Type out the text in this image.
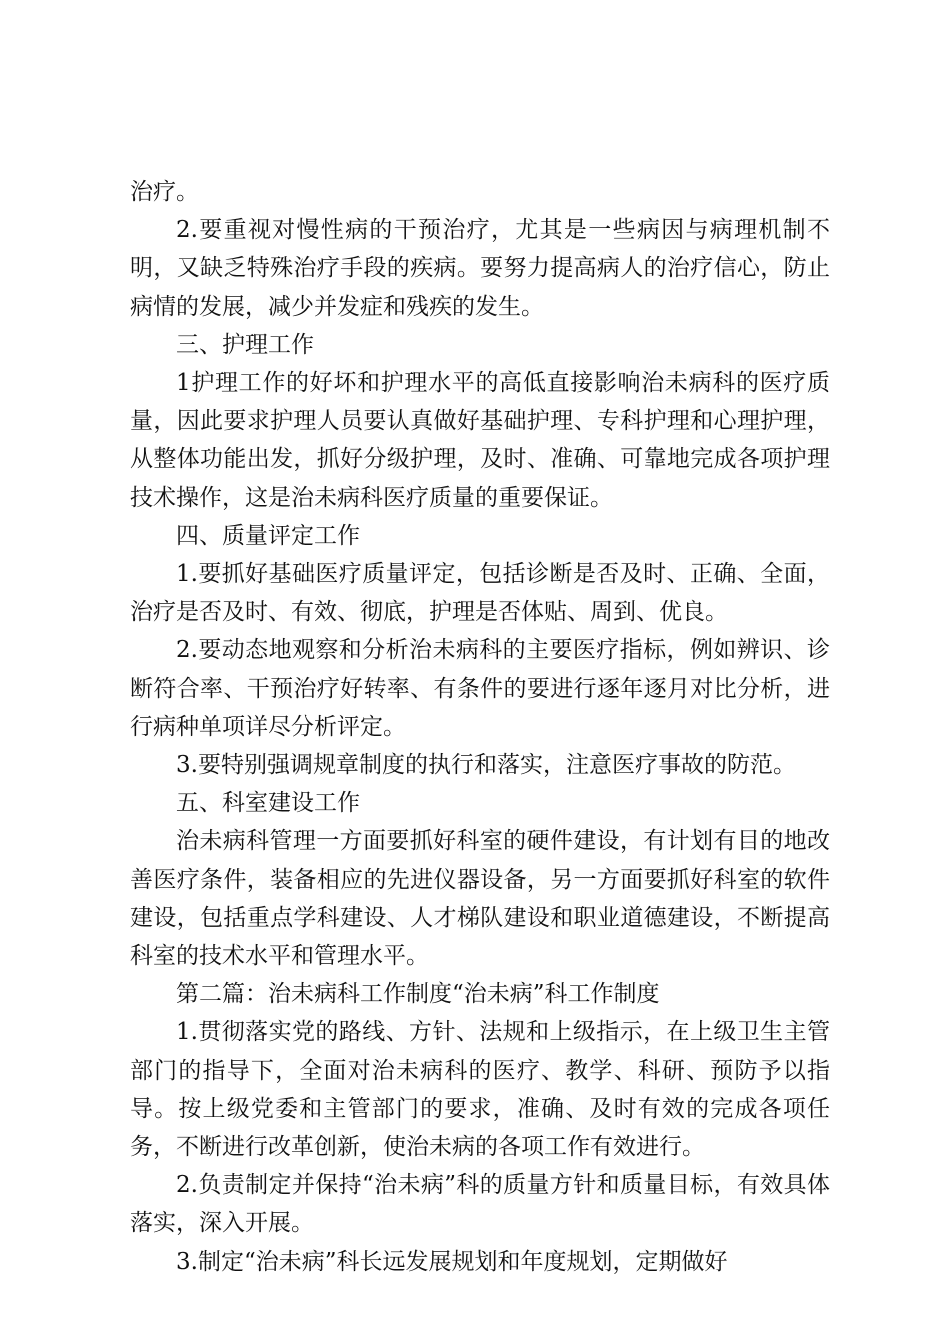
治疗。

2.要重视对慢性病的干预治疗，尤其是一些病因与病理机制不明，又缺乏特殊治疗手段的疾病。要努力提高病人的治疗信心，防止病情的发展，减少并发症和残疾的发生。

三、护理工作

1护理工作的好坏和护理水平的高低直接影响治未病科的医疗质量，因此要求护理人员要认真做好基础护理、专科护理和心理护理，从整体功能出发，抓好分级护理，及时、准确、可靠地完成各项护理技术操作，这是治未病科医疗质量的重要保证。

四、质量评定工作

1.要抓好基础医疗质量评定，包括诊断是否及时、正确、全面，治疗是否及时、有效、彻底，护理是否体贴、周到、优良。

2.要动态地观察和分析治未病科的主要医疗指标，例如辨识、诊断符合率、干预治疗好转率、有条件的要进行逐年逐月对比分析，进行病种单项详尽分析评定。

3.要特别强调规章制度的执行和落实，注意医疗事故的防范。

五、科室建设工作

治未病科管理一方面要抓好科室的硬件建设，有计划有目的地改善医疗条件，装备相应的先进仪器设备，另一方面要抓好科室的软件建设，包括重点学科建设、人才梯队建设和职业道德建设，不断提高科室的技术水平和管理水平。

第二篇：治未病科工作制度“治未病”科工作制度

1.贯彻落实党的路线、方针、法规和上级指示，在上级卫生主管部门的指导下，全面对治未病科的医疗、教学、科研、预防予以指导。按上级党委和主管部门的要求，准确、及时有效的完成各项任务，不断进行改革创新，使治未病的各项工作有效进行。

2.负责制定并保持“治未病”科的质量方针和质量目标，有效具体落实，深入开展。

3.制定“治未病”科长远发展规划和年度规划，定期做好
